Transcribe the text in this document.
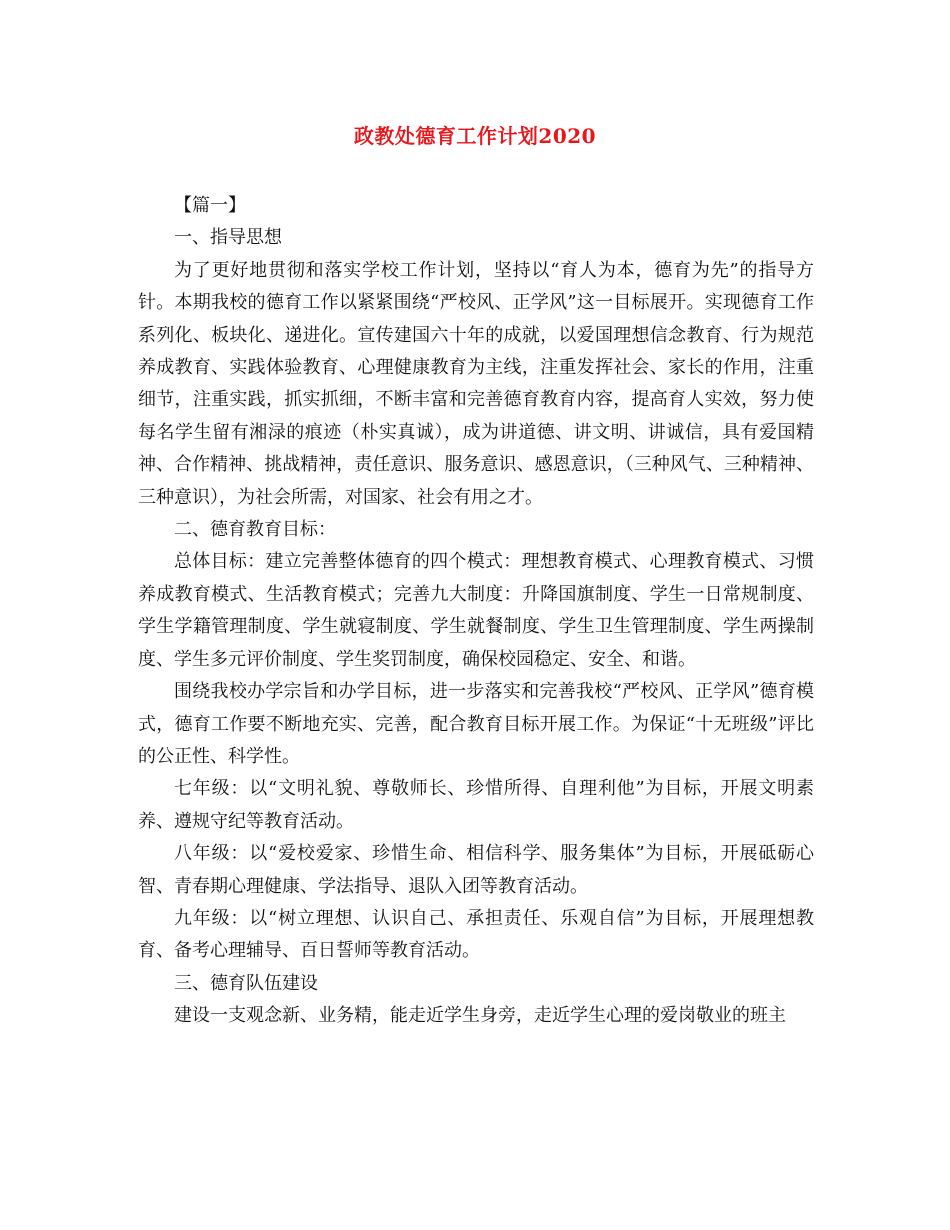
政教处德育工作计划2020

【篇一】

一、指导思想

为了更好地贯彻和落实学校工作计划，坚持以“育人为本，德育为先”的指导方针。本期我校的德育工作以紧紧围绕“严校风、正学风”这一目标展开。实现德育工作系列化、板块化、递进化。宣传建国六十年的成就，以爱国理想信念教育、行为规范养成教育、实践体验教育、心理健康教育为主线，注重发挥社会、家长的作用，注重细节，注重实践，抓实抓细，不断丰富和完善德育教育内容，提高育人实效，努力使每名学生留有湘渌的痕迹（朴实真诚），成为讲道德、讲文明、讲诚信，具有爱国精神、合作精神、挑战精神，责任意识、服务意识、感恩意识，（三种风气、三种精神、三种意识），为社会所需，对国家、社会有用之才。

二、德育教育目标：

总体目标：建立完善整体德育的四个模式：理想教育模式、心理教育模式、习惯养成教育模式、生活教育模式；完善九大制度：升降国旗制度、学生一日常规制度、学生学籍管理制度、学生就寝制度、学生就餐制度、学生卫生管理制度、学生两操制度、学生多元评价制度、学生奖罚制度，确保校园稳定、安全、和谐。

围绕我校办学宗旨和办学目标，进一步落实和完善我校“严校风、正学风”德育模式，德育工作要不断地充实、完善，配合教育目标开展工作。为保证“十无班级”评比的公正性、科学性。

七年级：以“文明礼貌、尊敬师长、珍惜所得、自理利他”为目标，开展文明素养、遵规守纪等教育活动。

八年级：以“爱校爱家、珍惜生命、相信科学、服务集体”为目标，开展砥砺心智、青春期心理健康、学法指导、退队入团等教育活动。

九年级：以“树立理想、认识自己、承担责任、乐观自信”为目标，开展理想教育、备考心理辅导、百日誓师等教育活动。

三、德育队伍建设

建设一支观念新、业务精，能走近学生身旁，走近学生心理的爱岗敬业的班主
